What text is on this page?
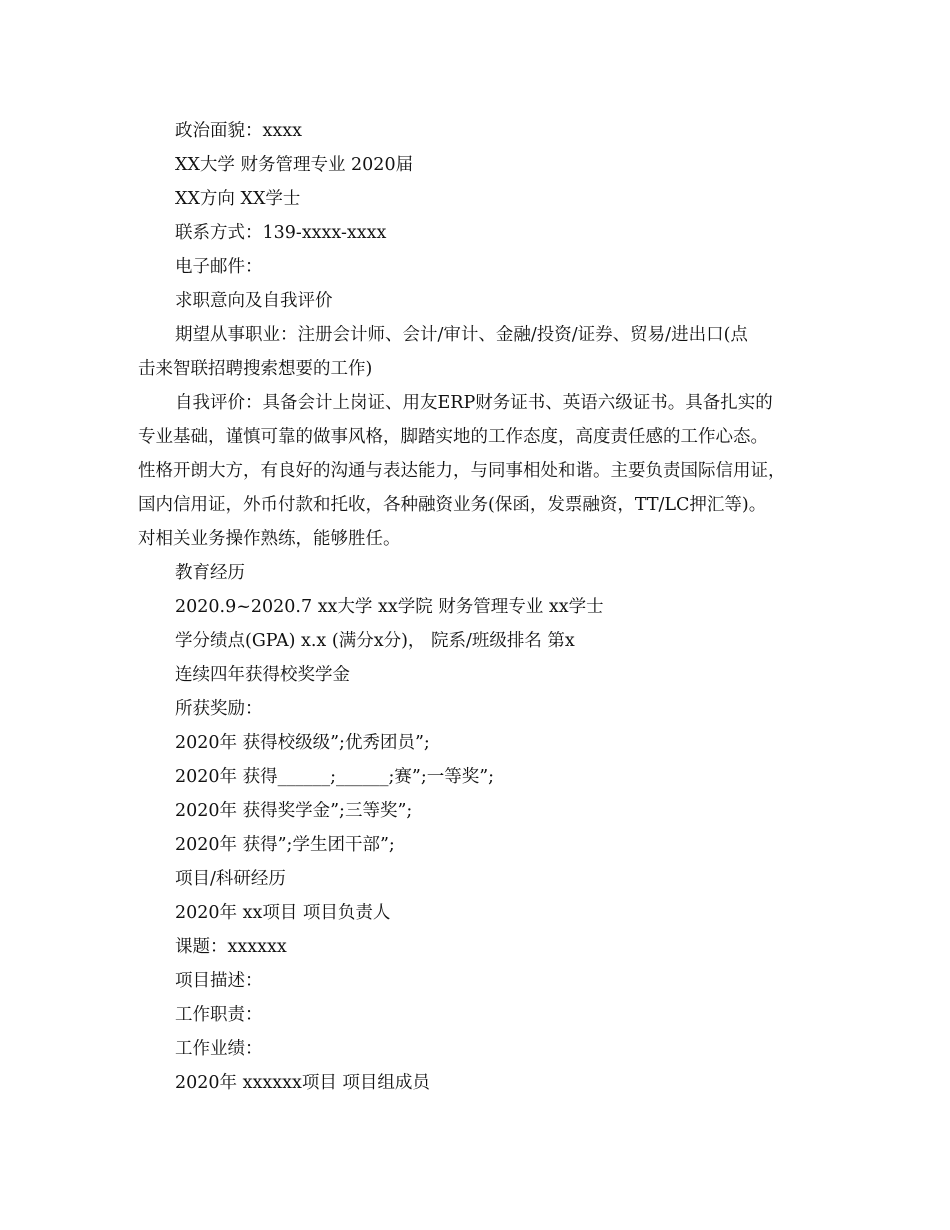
政治面貌：xxxx
XX大学 财务管理专业 2020届
XX方向 XX学士
联系方式：139-xxxx-xxxx
电子邮件：
求职意向及自我评价
期望从事职业：注册会计师、会计/审计、金融/投资/证券、贸易/进出口(点
击来智联招聘搜索想要的工作)
自我评价：具备会计上岗证、用友ERP财务证书、英语六级证书。具备扎实的
专业基础，谨慎可靠的做事风格，脚踏实地的工作态度，高度责任感的工作心态。
性格开朗大方，有良好的沟通与表达能力，与同事相处和谐。主要负责国际信用证，
国内信用证，外币付款和托收，各种融资业务(保函，发票融资，TT/LC押汇等)。
对相关业务操作熟练，能够胜任。
教育经历
2020.9~2020.7 xx大学 xx学院 财务管理专业 xx学士
学分绩点(GPA) x.x (满分x分)， 院系/班级排名 第x
连续四年获得校奖学金
所获奖励：
2020年 获得校级级”;优秀团员”;
2020年 获得______;______;赛”;一等奖”;
2020年 获得奖学金”;三等奖”;
2020年 获得”;学生团干部”;
项目/科研经历
2020年 xx项目 项目负责人
课题：xxxxxx
项目描述：
工作职责：
工作业绩：
2020年 xxxxxx项目 项目组成员
